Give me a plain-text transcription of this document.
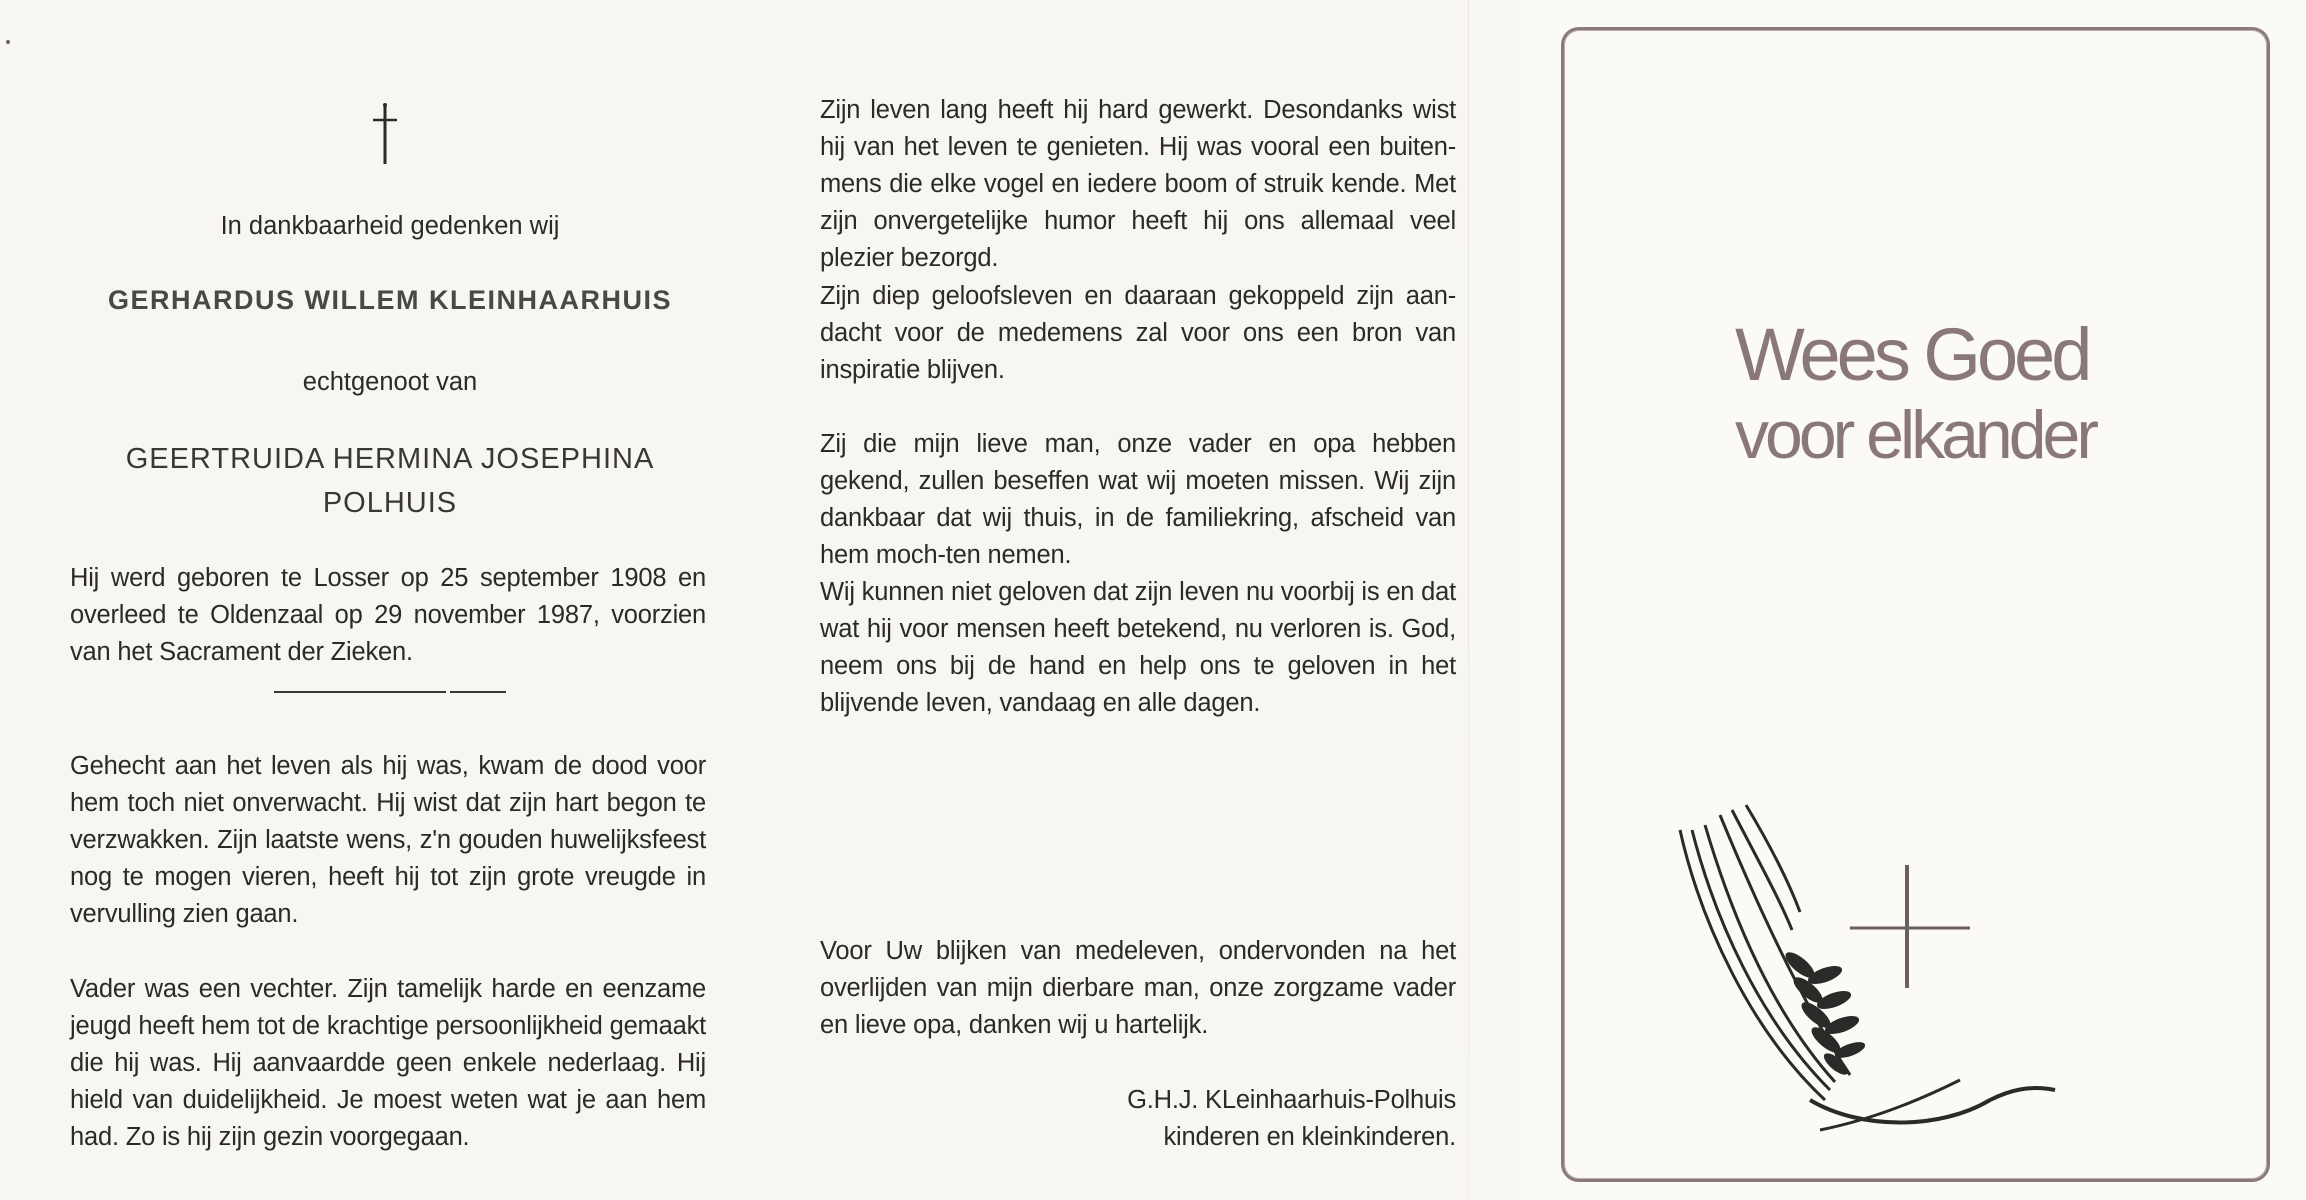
In dankbaarheid gedenken wij
GERHARDUS WILLEM KLEINHAARHUIS
echtgenoot van
GEERTRUIDA HERMINA JOSEPHINA
POLHUIS
Hij werd geboren te Losser op 25 september 1908 en overleed te Oldenzaal op 29 november 1987, voorzien van het Sacrament der Zieken.
Gehecht aan het leven als hij was, kwam de dood voor hem toch niet onverwacht. Hij wist dat zijn hart begon te verzwakken. Zijn laatste wens, z'n gouden huwelijksfeest nog te mogen vieren, heeft hij tot zijn grote vreugde in vervulling zien gaan.
Vader was een vechter. Zijn tamelijk harde en eenzame jeugd heeft hem tot de krachtige persoonlijkheid gemaakt die hij was. Hij aanvaardde geen enkele nederlaag. Hij hield van duidelijkheid. Je moest weten wat je aan hem had. Zo is hij zijn gezin voorgegaan.
Zijn leven lang heeft hij hard gewerkt. Desondanks wist hij van het leven te genieten. Hij was vooral een buiten-mens die elke vogel en iedere boom of struik kende. Met zijn onvergetelijke humor heeft hij ons allemaal veel plezier bezorgd.
Zijn diep geloofsleven en daaraan gekoppeld zijn aan-dacht voor de medemens zal voor ons een bron van inspiratie blijven.
Zij die mijn lieve man, onze vader en opa hebben gekend, zullen beseffen wat wij moeten missen. Wij zijn dankbaar dat wij thuis, in de familiekring, afscheid van hem moch-ten nemen.
Wij kunnen niet geloven dat zijn leven nu voorbij is en dat wat hij voor mensen heeft betekend, nu verloren is. God, neem ons bij de hand en help ons te geloven in het blijvende leven, vandaag en alle dagen.
Voor Uw blijken van medeleven, ondervonden na het overlijden van mijn dierbare man, onze zorgzame vader en lieve opa, danken wij u hartelijk.
G.H.J. KLeinhaarhuis-Polhuis
kinderen en kleinkinderen.
Wees Goed
voor elkander
